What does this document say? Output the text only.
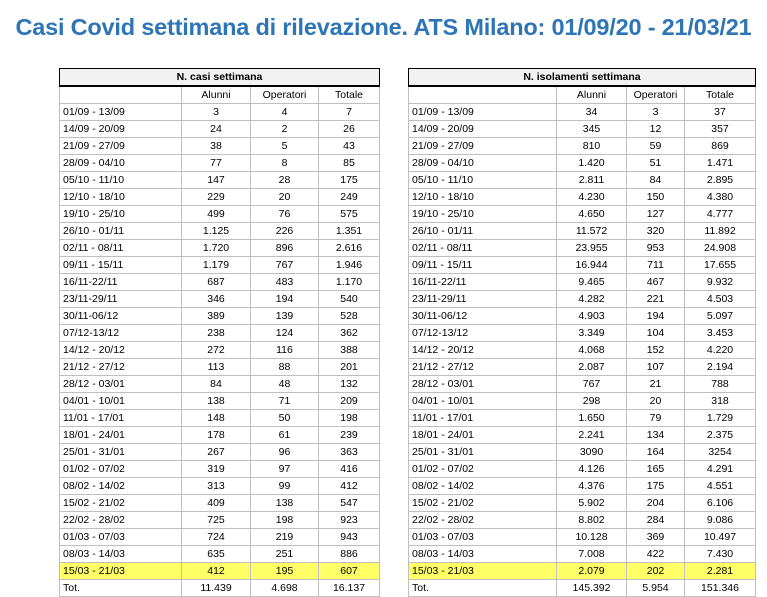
Casi Covid settimana di rilevazione. ATS Milano: 01/09/20 - 21/03/21
N. casi settimana			
	Alunni	Operatori	Totale
01/09 - 13/09	3	4	7
14/09 - 20/09	24	2	26
21/09 - 27/09	38	5	43
28/09 - 04/10	77	8	85
05/10 - 11/10	147	28	175
12/10 - 18/10	229	20	249
19/10 - 25/10	499	76	575
26/10 - 01/11	1.125	226	1.351
02/11 - 08/11	1.720	896	2.616
09/11 - 15/11	1.179	767	1.946
16/11-22/11	687	483	1.170
23/11-29/11	346	194	540
30/11-06/12	389	139	528
07/12-13/12	238	124	362
14/12 - 20/12	272	116	388
21/12 - 27/12	113	88	201
28/12 - 03/01	84	48	132
04/01 - 10/01	138	71	209
11/01 - 17/01	148	50	198
18/01 - 24/01	178	61	239
25/01 - 31/01	267	96	363
01/02 - 07/02	319	97	416
08/02 - 14/02	313	99	412
15/02 - 21/02	409	138	547
22/02 - 28/02	725	198	923
01/03 - 07/03	724	219	943
08/03 - 14/03	635	251	886
15/03 - 21/03	412	195	607
Tot.	11.439	4.698	16.137
N. isolamenti settimana			
	Alunni	Operatori	Totale
01/09 - 13/09	34	3	37
14/09 - 20/09	345	12	357
21/09 - 27/09	810	59	869
28/09 - 04/10	1.420	51	1.471
05/10 - 11/10	2.811	84	2.895
12/10 - 18/10	4.230	150	4.380
19/10 - 25/10	4.650	127	4.777
26/10 - 01/11	11.572	320	11.892
02/11 - 08/11	23.955	953	24.908
09/11 - 15/11	16.944	711	17.655
16/11-22/11	9.465	467	9.932
23/11-29/11	4.282	221	4.503
30/11-06/12	4.903	194	5.097
07/12-13/12	3.349	104	3.453
14/12 - 20/12	4.068	152	4.220
21/12 - 27/12	2.087	107	2.194
28/12 - 03/01	767	21	788
04/01 - 10/01	298	20	318
11/01 - 17/01	1.650	79	1.729
18/01 - 24/01	2.241	134	2.375
25/01 - 31/01	3090	164	3254
01/02 - 07/02	4.126	165	4.291
08/02 - 14/02	4.376	175	4.551
15/02 - 21/02	5.902	204	6.106
22/02 - 28/02	8.802	284	9.086
01/03 - 07/03	10.128	369	10.497
08/03 - 14/03	7.008	422	7.430
15/03 - 21/03	2.079	202	2.281
Tot.	145.392	5.954	151.346
